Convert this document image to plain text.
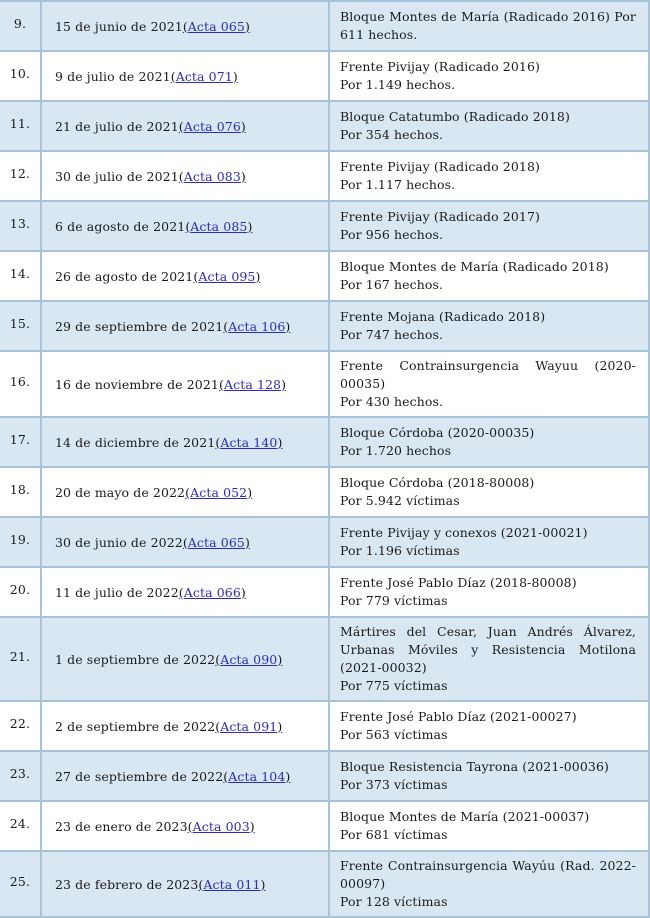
9.	15 de junio de 2021 ( Acta 065 )
Bloque Montes de María (Radicado 2016) Por 611 hechos.
10.	9 de julio de 2021 ( Acta 071 )
Frente Pivijay (Radicado 2016)
Por 1.149 hechos.
11.	21 de julio de 2021 ( Acta 076 )
Bloque Catatumbo (Radicado 2018)
Por 354 hechos.
12.	30 de julio de 2021 ( Acta 083 )
Frente Pivijay (Radicado 2018)
Por 1.117 hechos.
13.	6 de agosto de 2021 ( Acta 085 )
Frente Pivijay (Radicado 2017)
Por 956 hechos.
14.	26 de agosto de 2021 ( Acta 095 )
Bloque Montes de María (Radicado 2018)
Por 167 hechos.
15.	29 de septiembre de 2021 ( Acta 106 )
Frente Mojana (Radicado 2018)
Por 747 hechos.
16.	16 de noviembre de 2021 ( Acta 128 )
Frente Contrainsurgencia Wayuu (2020-00035)
Por 430 hechos.
17.	14 de diciembre de 2021 ( Acta 140 )
Bloque Córdoba (2020-00035)
Por 1.720 hechos
18.	20 de mayo de 2022 ( Acta 052 )
Bloque Córdoba (2018-80008)
Por 5.942 víctimas
19.	30 de junio de 2022 ( Acta 065 )
Frente Pivijay y conexos (2021-00021)
Por 1.196 víctimas
20.	11 de julio de 2022 ( Acta 066 )
Frente José Pablo Díaz (2018-80008)
Por 779 víctimas
21.	1 de septiembre de 2022 ( Acta 090 )
Mártires del Cesar, Juan Andrés Álvarez, Urbanas Móviles y Resistencia Motilona (2021-00032)
Por 775 víctimas
22.	2 de septiembre de 2022 ( Acta 091 )
Frente José Pablo Díaz (2021-00027)
Por 563 víctimas
23.	27 de septiembre de 2022 ( Acta 104 )
Bloque Resistencia Tayrona (2021-00036)
Por 373 víctimas
24.	23 de enero de 2023 ( Acta 003 )
Bloque Montes de María (2021-00037)
Por 681 víctimas
25.	23 de febrero de 2023 ( Acta 011 )
Frente Contrainsurgencia Wayúu (Rad. 2022-00097)
Por 128 víctimas
